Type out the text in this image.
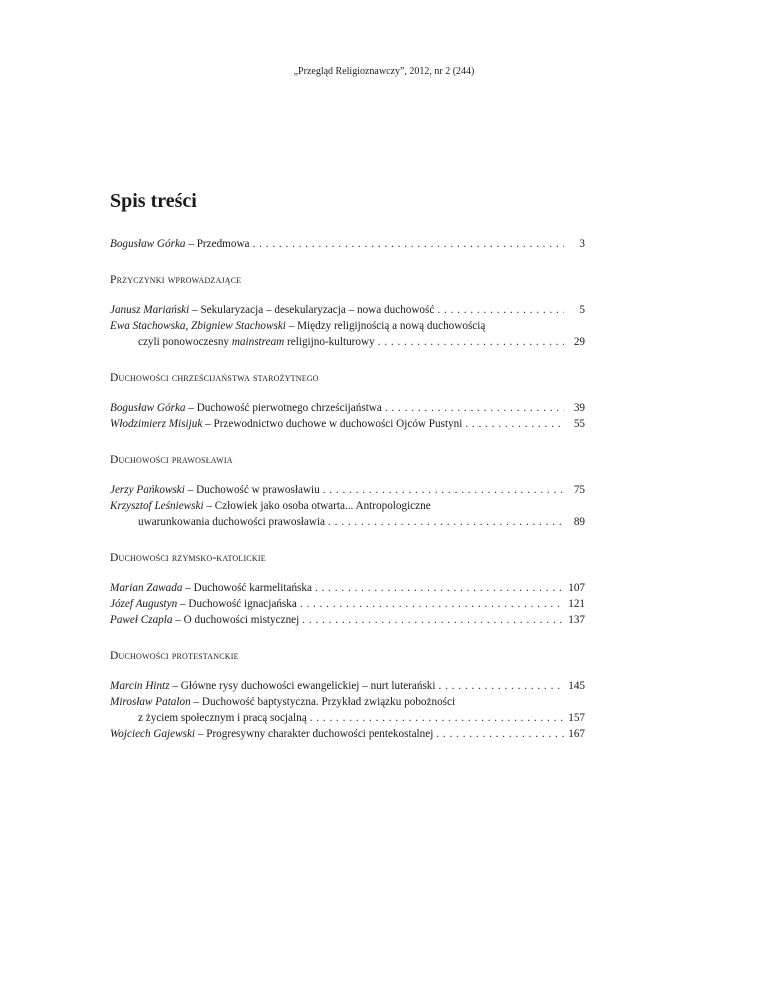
„Przegląd Religioznawczy”, 2012, nr 2 (244)
Spis treści
Bogusław Górka – Przedmowa . . .	3
Przyczynki wprowadzające
Janusz Mariański – Sekularyzacja – desekularyzacja – nowa duchowość . . .	5
Ewa Stachowska, Zbigniew Stachowski – Między religijnością a nową duchowością
czyli ponowoczesny mainstream religijno-kulturowy . . .	29
Duchowości chrześcijaństwa starożytnego
Bogusław Górka – Duchowość pierwotnego chrześcijaństwa . . .	39
Włodzimierz Misijuk – Przewodnictwo duchowe w duchowości Ojców Pustyni . . .	55
Duchowości prawosławia
Jerzy Pańkowski – Duchowość w prawosławiu . . .	75
Krzysztof Leśniewski – Człowiek jako osoba otwarta... Antropologiczne
uwarunkowania duchowości prawosławia . . .	89
Duchowości rzymsko-katolickie
Marian Zawada – Duchowość karmelitańska . . .	107
Józef Augustyn – Duchowość ignacjańska . . .	121
Paweł Czapla – O duchowości mistycznej . . .	137
Duchowości protestanckie
Marcin Hintz – Główne rysy duchowości ewangelickiej – nurt luterański . . .	145
Mirosław Patalon – Duchowość baptystyczna. Przykład związku pobożności
z życiem społecznym i pracą socjalną . . .	157
Wojciech Gajewski – Progresywny charakter duchowości pentekostalnej . . .	167
